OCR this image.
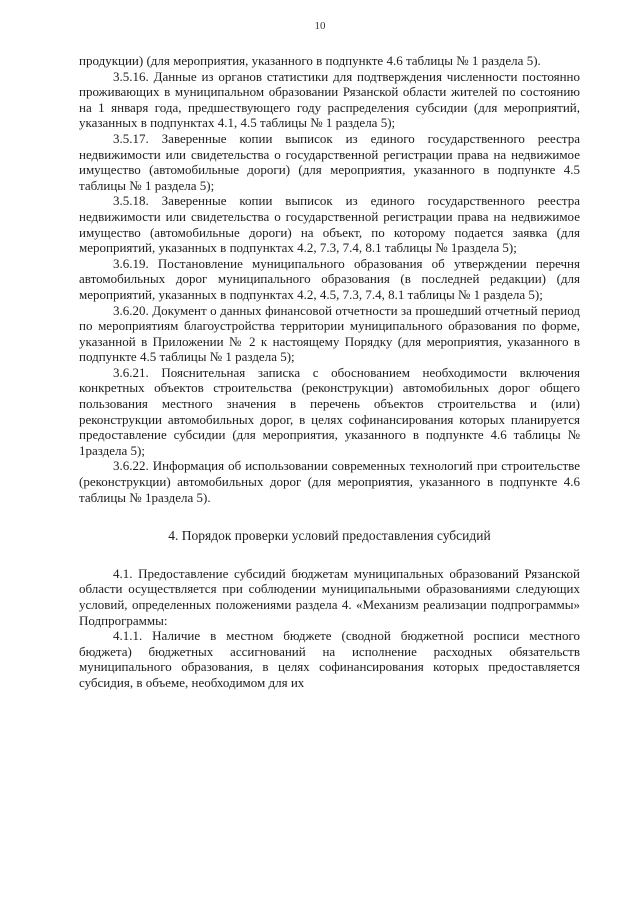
10

продукции) (для мероприятия, указанного в подпункте 4.6 таблицы № 1 раздела 5).

3.5.16. Данные из органов статистики для подтверждения численности постоянно проживающих в муниципальном образовании Рязанской области жителей по состоянию на 1 января года, предшествующего году распределения субсидии (для мероприятий, указанных в подпунктах 4.1, 4.5 таблицы № 1 раздела 5);

3.5.17. Заверенные копии выписок из единого государственного реестра недвижимости или свидетельства о государственной регистрации права на недвижимое имущество (автомобильные дороги) (для мероприятия, указанного в подпункте 4.5 таблицы № 1 раздела 5);

3.5.18. Заверенные копии выписок из единого государственного реестра недвижимости или свидетельства о государственной регистрации права на недвижимое имущество (автомобильные дороги) на объект, по которому подается заявка (для мероприятий, указанных в подпунктах 4.2, 7.3, 7.4, 8.1 таблицы № 1раздела 5);

3.6.19. Постановление муниципального образования об утверждении перечня автомобильных дорог муниципального образования (в последней редакции) (для мероприятий, указанных в подпунктах 4.2, 4.5, 7.3, 7.4, 8.1 таблицы № 1 раздела 5);

3.6.20. Документ о данных финансовой отчетности за прошедший отчетный период по мероприятиям благоустройства территории муниципального образования по форме, указанной в Приложении № 2 к настоящему Порядку (для мероприятия, указанного в подпункте 4.5 таблицы № 1 раздела 5);

3.6.21. Пояснительная записка с обоснованием необходимости включения конкретных объектов строительства (реконструкции) автомобильных дорог общего пользования местного значения в перечень объектов строительства и (или) реконструкции автомобильных дорог, в целях софинансирования которых планируется предоставление субсидии (для мероприятия, указанного в подпункте 4.6 таблицы № 1раздела 5);

3.6.22. Информация об использовании современных технологий при строительстве (реконструкции) автомобильных дорог (для мероприятия, указанного в подпункте 4.6 таблицы № 1раздела 5).

4. Порядок проверки условий предоставления субсидий

4.1. Предоставление субсидий бюджетам муниципальных образований Рязанской области осуществляется при соблюдении муниципальными образованиями следующих условий, определенных положениями раздела 4. «Механизм реализации подпрограммы» Подпрограммы:

4.1.1. Наличие в местном бюджете (сводной бюджетной росписи местного бюджета) бюджетных ассигнований на исполнение расходных обязательств муниципального образования, в целях софинансирования которых предоставляется субсидия, в объеме, необходимом для их
